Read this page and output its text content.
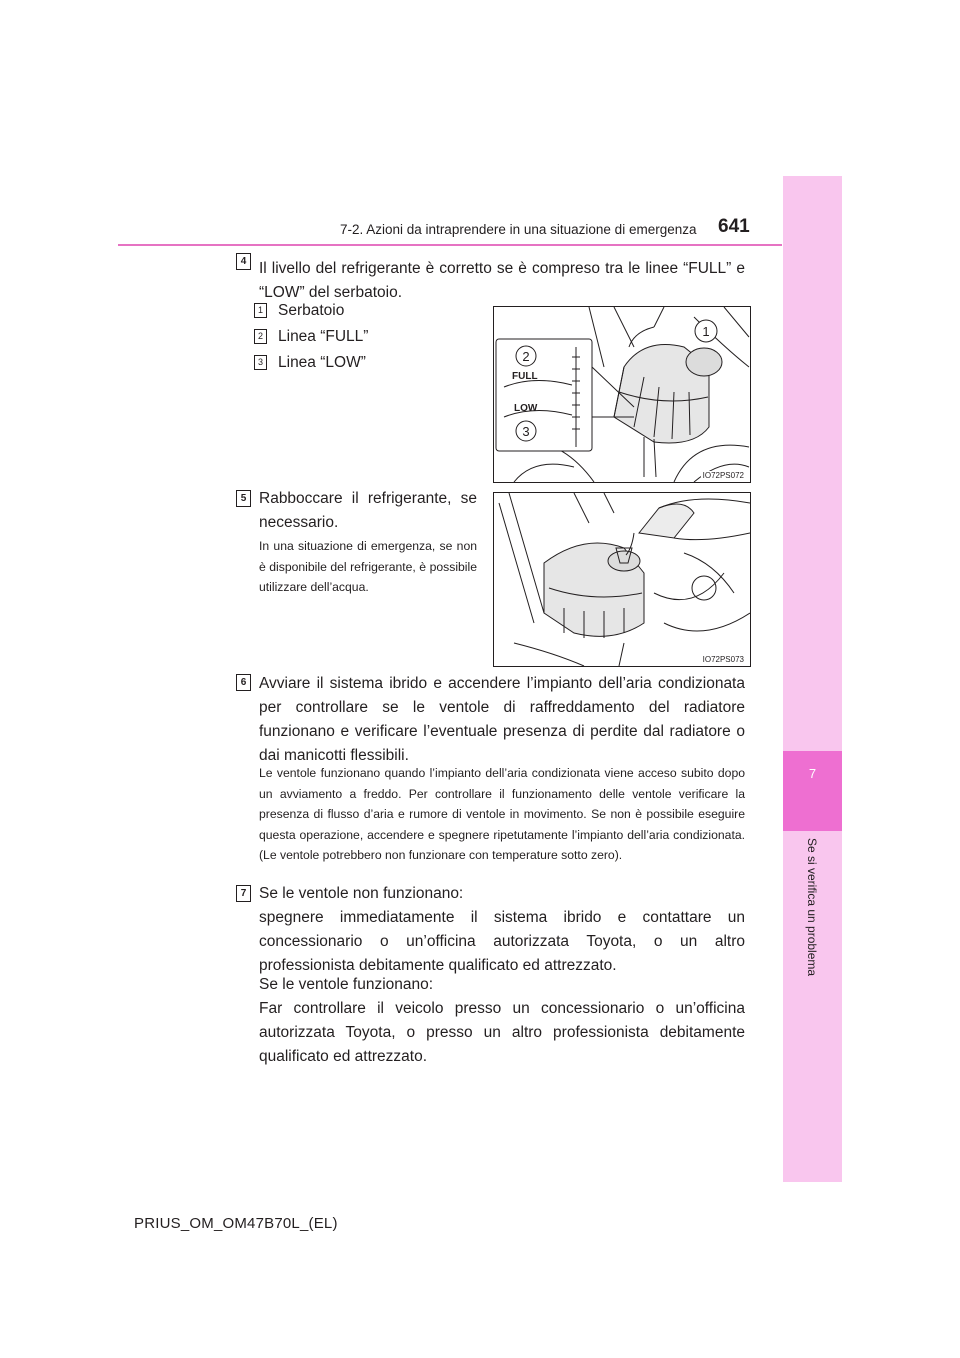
7-2. Azioni da intraprendere in una situazione di emergenza 641
7
Se si verifica un problema
4 Il livello del refrigerante è corretto se è compreso tra le linee “FULL” e “LOW” del serbatoio.
1 Serbatoio
2 Linea “FULL”
3 Linea “LOW”
FULL
LOW
1
2
3
IO72PS072
5 Rabboccare il refrigerante, se necessario.
In una situazione di emergenza, se non è disponibile del refrigerante, è possibile utilizzare dell’acqua.
IO72PS073
6 Avviare il sistema ibrido e accendere l’impianto dell’aria condizionata per controllare se le ventole di raffreddamento del radiatore funzionano e verificare l’eventuale presenza di perdite dal radiatore o dai manicotti flessibili.
Le ventole funzionano quando l’impianto dell’aria condizionata viene acceso subito dopo un avviamento a freddo. Per controllare il funzionamento delle ventole verificare la presenza di flusso d’aria e rumore di ventole in movimento. Se non è possibile eseguire questa operazione, accendere e spegnere ripetutamente l’impianto dell’aria condizionata. (Le ventole potrebbero non funzionare con temperature sotto zero).
7 Se le ventole non funzionano:
spegnere immediatamente il sistema ibrido e contattare un concessionario o un’officina autorizzata Toyota, o un altro professionista debitamente qualificato ed attrezzato.
Se le ventole funzionano:
Far controllare il veicolo presso un concessionario o un’officina autorizzata Toyota, o presso un altro professionista debitamente qualificato ed attrezzato.
PRIUS_OM_OM47B70L_(EL)
